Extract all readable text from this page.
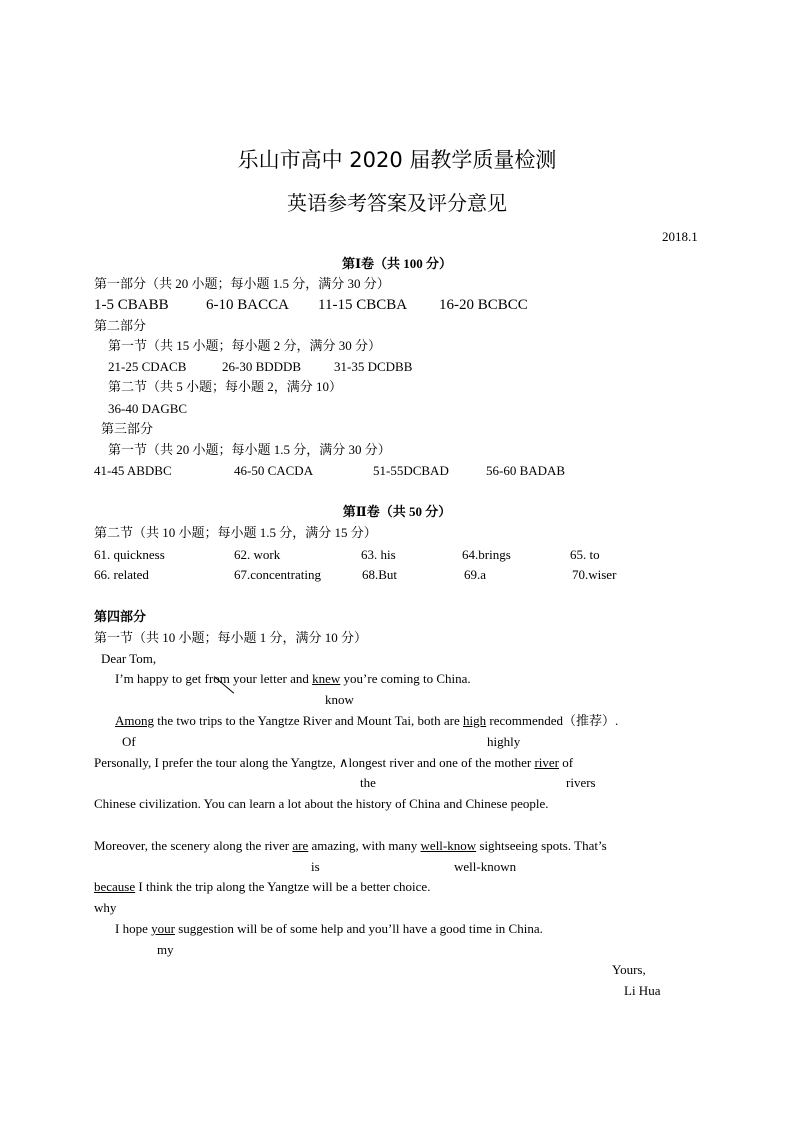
乐山市高中 2020 届教学质量检测
英语参考答案及评分意见
2018.1
第Ⅰ卷（共 100 分）
第一部分（共 20 小题；每小题 1.5 分，满分 30 分）
1-5 CBABB 6-10 BACCA 11-15 CBCBA 16-20 BCBCC
第二部分
第一节（共 15 小题；每小题 2 分，满分 30 分）
21-25 CDACB	26-30 BDDDB	31-35 DCDBB
第二节（共 5 小题；每小题 2，满分 10）
36-40 DAGBC
第三部分
第一节（共 20 小题；每小题 1.5 分，满分 30 分）
41-45 ABDBC	46-50 CACDA	51-55DCBAD	56-60 BADAB
第Ⅱ卷（共 50 分）
第二节（共 10 小题；每小题 1.5 分，满分 15 分）
61. quickness	62. work	63. his	64.brings	65. to
66. related	67.concentrating	68.But	69.a	70.wiser
第四部分
第一节（共 10 小题；每小题 1 分，满分 10 分）
Dear Tom,
I’m happy to get from your letter and knew you’re coming to China.
know
Among the two trips to the Yangtze River and Mount Tai, both are high recommended（推荐）.
Of	highly
Personally, I prefer the tour along the Yangtze, ∧longest river and one of the mother river of
the	rivers
Chinese civilization. You can learn a lot about the history of China and Chinese people.
Moreover, the scenery along the river are amazing, with many well-know sightseeing spots. That’s
is	well-known
because I think the trip along the Yangtze will be a better choice.
why
I hope your suggestion will be of some help and you’ll have a good time in China.
my
Yours,
Li Hua
